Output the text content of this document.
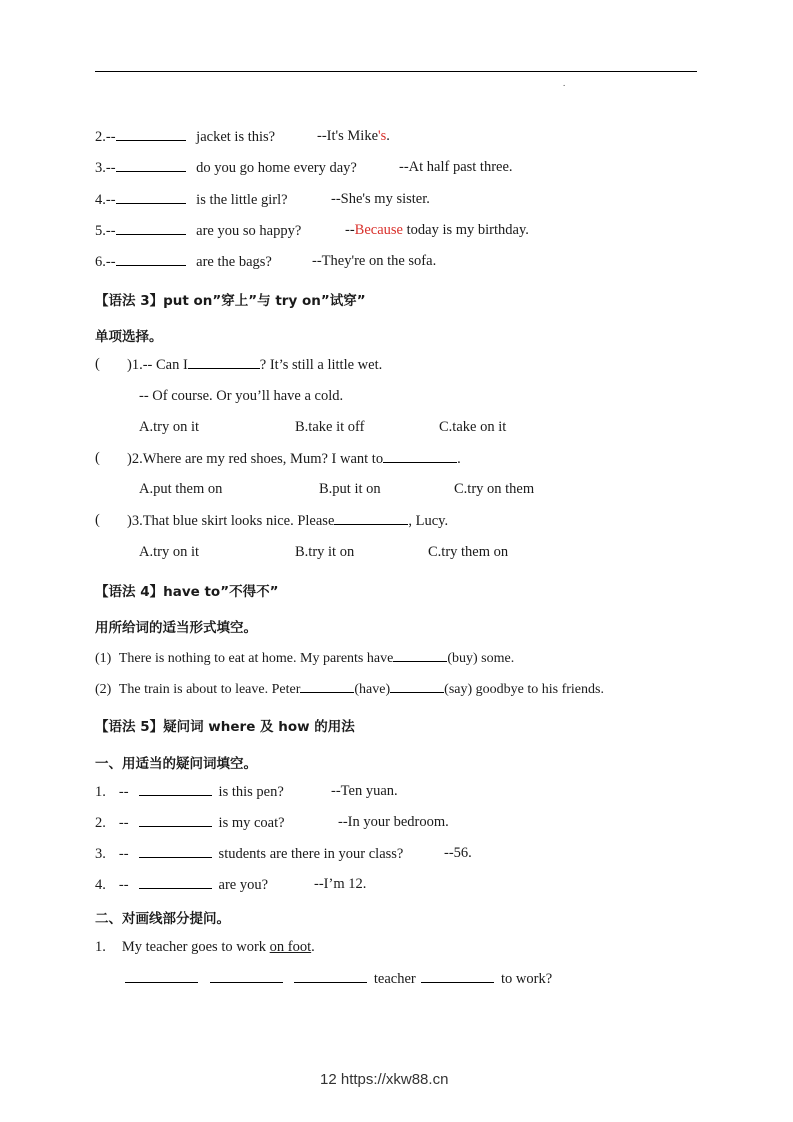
.
2.--	jacket is this?	--It's Mike's.
3.--	do you go home every day?	--At half past three.
4.--	is the little girl?	--She's my sister.
5.--	are you so happy?	--Because today is my birthday.
6.--	are the bags?	--They're on the sofa.
【语法 3】put on”穿上”与 try on”试穿”
单项选择。
( )1.-- Can I	? It’s still a little wet.
-- Of course. Or you’ll have a cold.
A.try on it	B.take it off	C.take on it
( )2.Where are my red shoes, Mum? I want to	.
A.put them on	B.put it on	C.try on them
( )3.That blue skirt looks nice. Please	, Lucy.
A.try on it	B.try it on	C.try them on
【语法 4】have to”不得不”
用所给词的适当形式填空。
(1) There is nothing to eat at home. My parents have	(buy) some.
(2) The train is about to leave. Peter	(have)	(say) goodbye to his friends.
【语法 5】疑问词 where 及 how 的用法
一、用适当的疑问词填空。
1. --	is this pen?	--Ten yuan.
2. --	is my coat?	--In your bedroom.
3. --	students are there in your class?	--56.
4. --	are you?	--I’m 12.
二、对画线部分提问。
1. My teacher goes to work on foot.
teacher	to work?
12 https://xkw88.cn
